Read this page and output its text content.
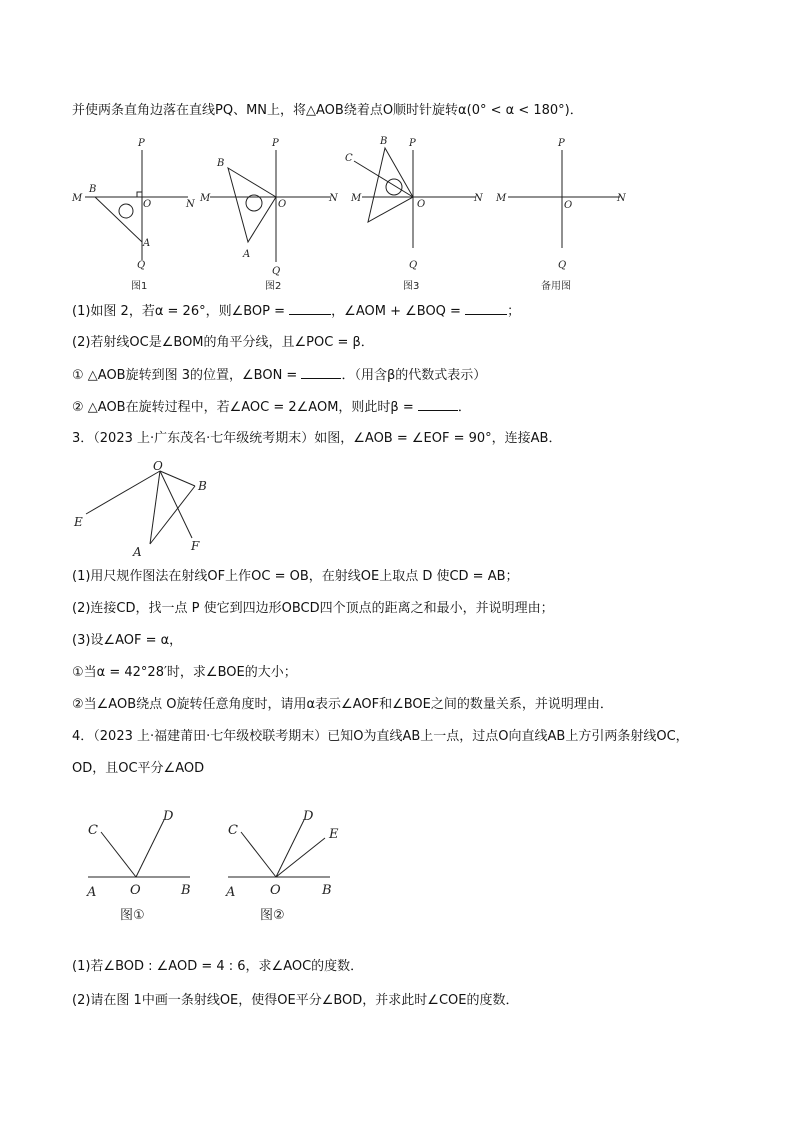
并使两条直角边落在直线PQ、MN上，将△AOB绕着点O顺时针旋转α(0° < α < 180°)．
P
M
B
O	N
A
Q
P
B
M
O
N
A
Q
P
B
C
M
O
N
Q
P
M
O
N
Q
图1	图2	图3	备用图
(1)如图 2，若α = 26°，则∠BOP =	，∠AOM + ∠BOQ =	；
(2)若射线OC是∠BOM的角平分线，且∠POC = β．
① △AOB旋转到图 3的位置，∠BON =	．（用含β的代数式表示）
② △AOB在旋转过程中，若∠AOC = 2∠AOM，则此时β =	．
3．（2023 上·广东茂名·七年级统考期末）如图，∠AOB = ∠EOF = 90°，连接AB．
O
B
E
A	F
(1)用尺规作图法在射线OF上作OC = OB，在射线OE上取点 D 使CD = AB；
(2)连接CD，找一点 P 使它到四边形OBCD四个顶点的距离之和最小，并说明理由；
(3)设∠AOF = α，
①当α = 42°28′时，求∠BOE的大小；
②当∠AOB绕点 O旋转任意角度时，请用α表示∠AOF和∠BOE之间的数量关系，并说明理由．
4．（2023 上·福建莆田·七年级校联考期末）已知O为直线AB上一点，过点O向直线AB上方引两条射线OC，
OD，且OC平分∠AOD
C
D
A	O	B
C
D
E
A	O	B
图①	图②
(1)若∠BOD : ∠AOD = 4 : 6，求∠AOC的度数．
(2)请在图 1中画一条射线OE，使得OE平分∠BOD，并求此时∠COE的度数．
